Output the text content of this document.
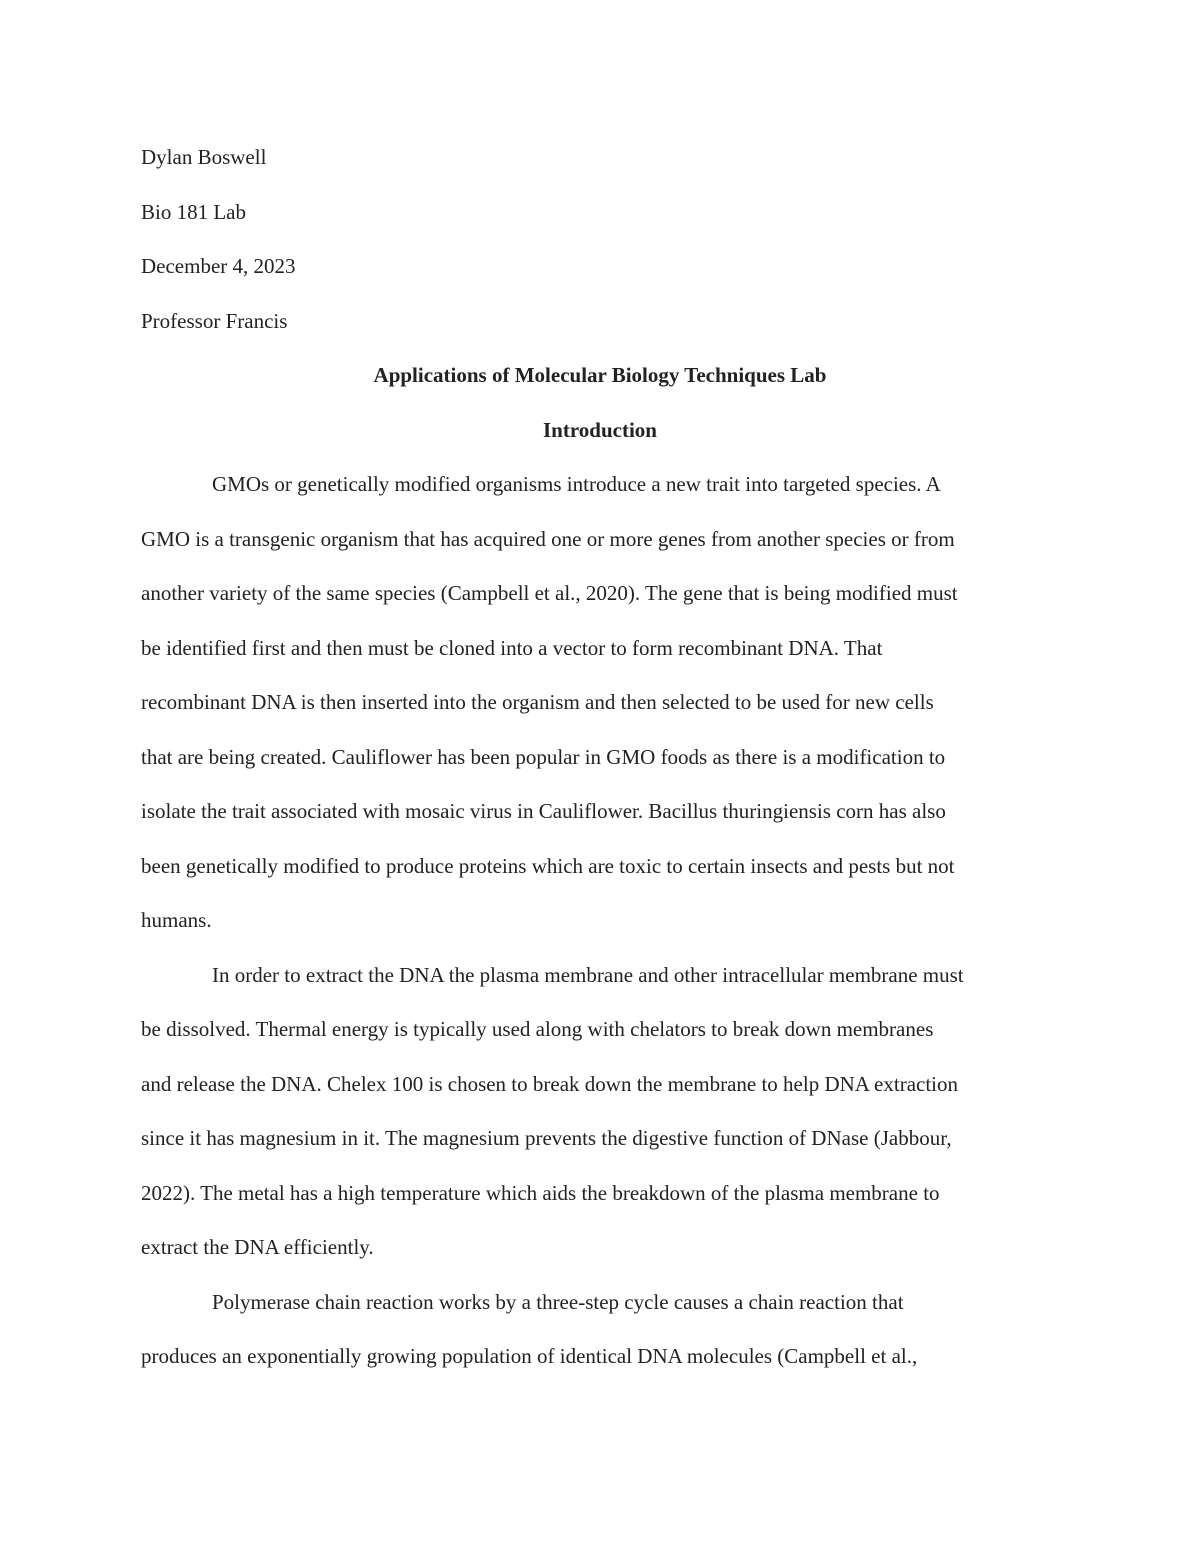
Dylan Boswell

Bio 181 Lab

December 4, 2023

Professor Francis

Applications of Molecular Biology Techniques Lab
Introduction

GMOs or genetically modified organisms introduce a new trait into targeted species. A
GMO is a transgenic organism that has acquired one or more genes from another species or from
another variety of the same species (Campbell et al., 2020). The gene that is being modified must
be identified first and then must be cloned into a vector to form recombinant DNA. That
recombinant DNA is then inserted into the organism and then selected to be used for new cells
that are being created. Cauliflower has been popular in GMO foods as there is a modification to
isolate the trait associated with mosaic virus in Cauliflower. Bacillus thuringiensis corn has also
been genetically modified to produce proteins which are toxic to certain insects and pests but not
humans.

In order to extract the DNA the plasma membrane and other intracellular membrane must
be dissolved. Thermal energy is typically used along with chelators to break down membranes
and release the DNA. Chelex 100 is chosen to break down the membrane to help DNA extraction
since it has magnesium in it. The magnesium prevents the digestive function of DNase (Jabbour,
2022). The metal has a high temperature which aids the breakdown of the plasma membrane to
extract the DNA efficiently.

Polymerase chain reaction works by a three-step cycle causes a chain reaction that
produces an exponentially growing population of identical DNA molecules (Campbell et al.,
